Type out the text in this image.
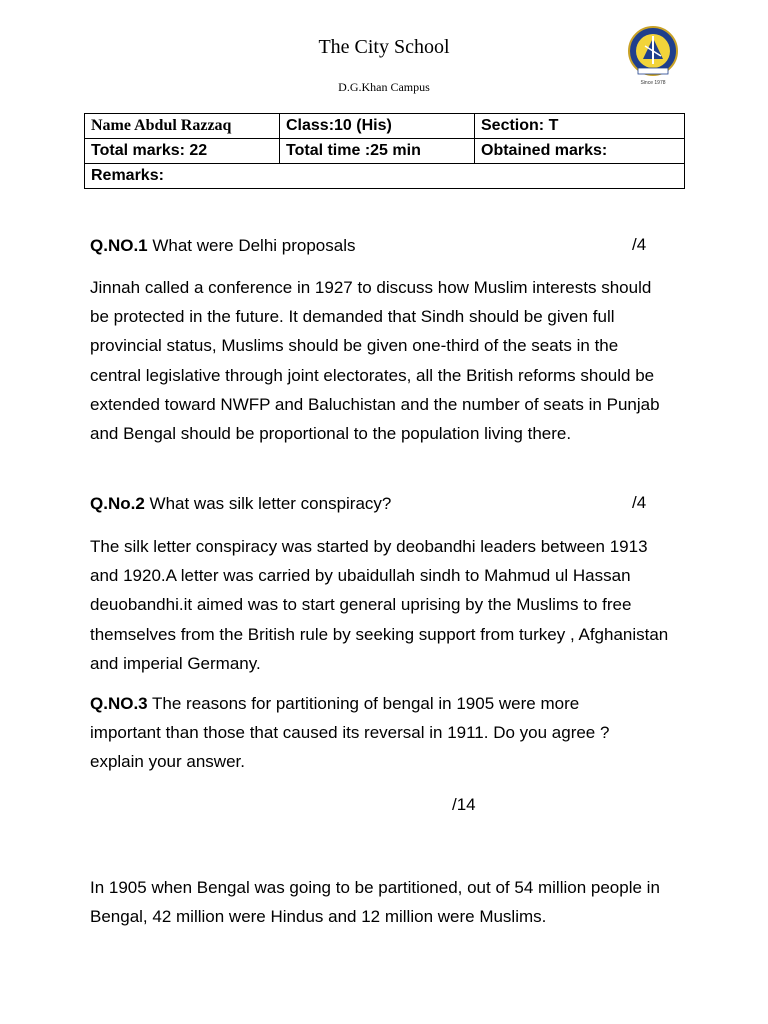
The City School
D.G.Khan Campus	Since 1978
Name Abdul Razzaq	Class:10 (His)	Section: T
Total marks: 22	Total time :25 min	Obtained marks:
Remarks:		
Q.NO.1 What were Delhi proposals	/4
Jinnah called a conference in 1927 to discuss how Muslim interests should be protected in the future. It demanded that Sindh should be given full provincial status, Muslims should be given one-third of the seats in the central legislative through joint electorates, all the British reforms should be extended toward NWFP and Baluchistan and the number of seats in Punjab and Bengal should be proportional to the population living there.
Q.No.2 What was silk letter conspiracy?	/4
The silk letter conspiracy was started by deobandhi leaders between 1913 and 1920.A letter was carried by ubaidullah sindh to Mahmud ul Hassan deuobandhi.it aimed was to start general uprising by the Muslims to free themselves from the British rule by seeking support from turkey , Afghanistan and imperial Germany.
Q.NO.3 The reasons for partitioning of bengal in 1905 were more important than those that caused its reversal in 1911. Do you agree ? explain your answer.
/14
In 1905 when Bengal was going to be partitioned, out of 54 million people in Bengal, 42 million were Hindus and 12 million were Muslims.
